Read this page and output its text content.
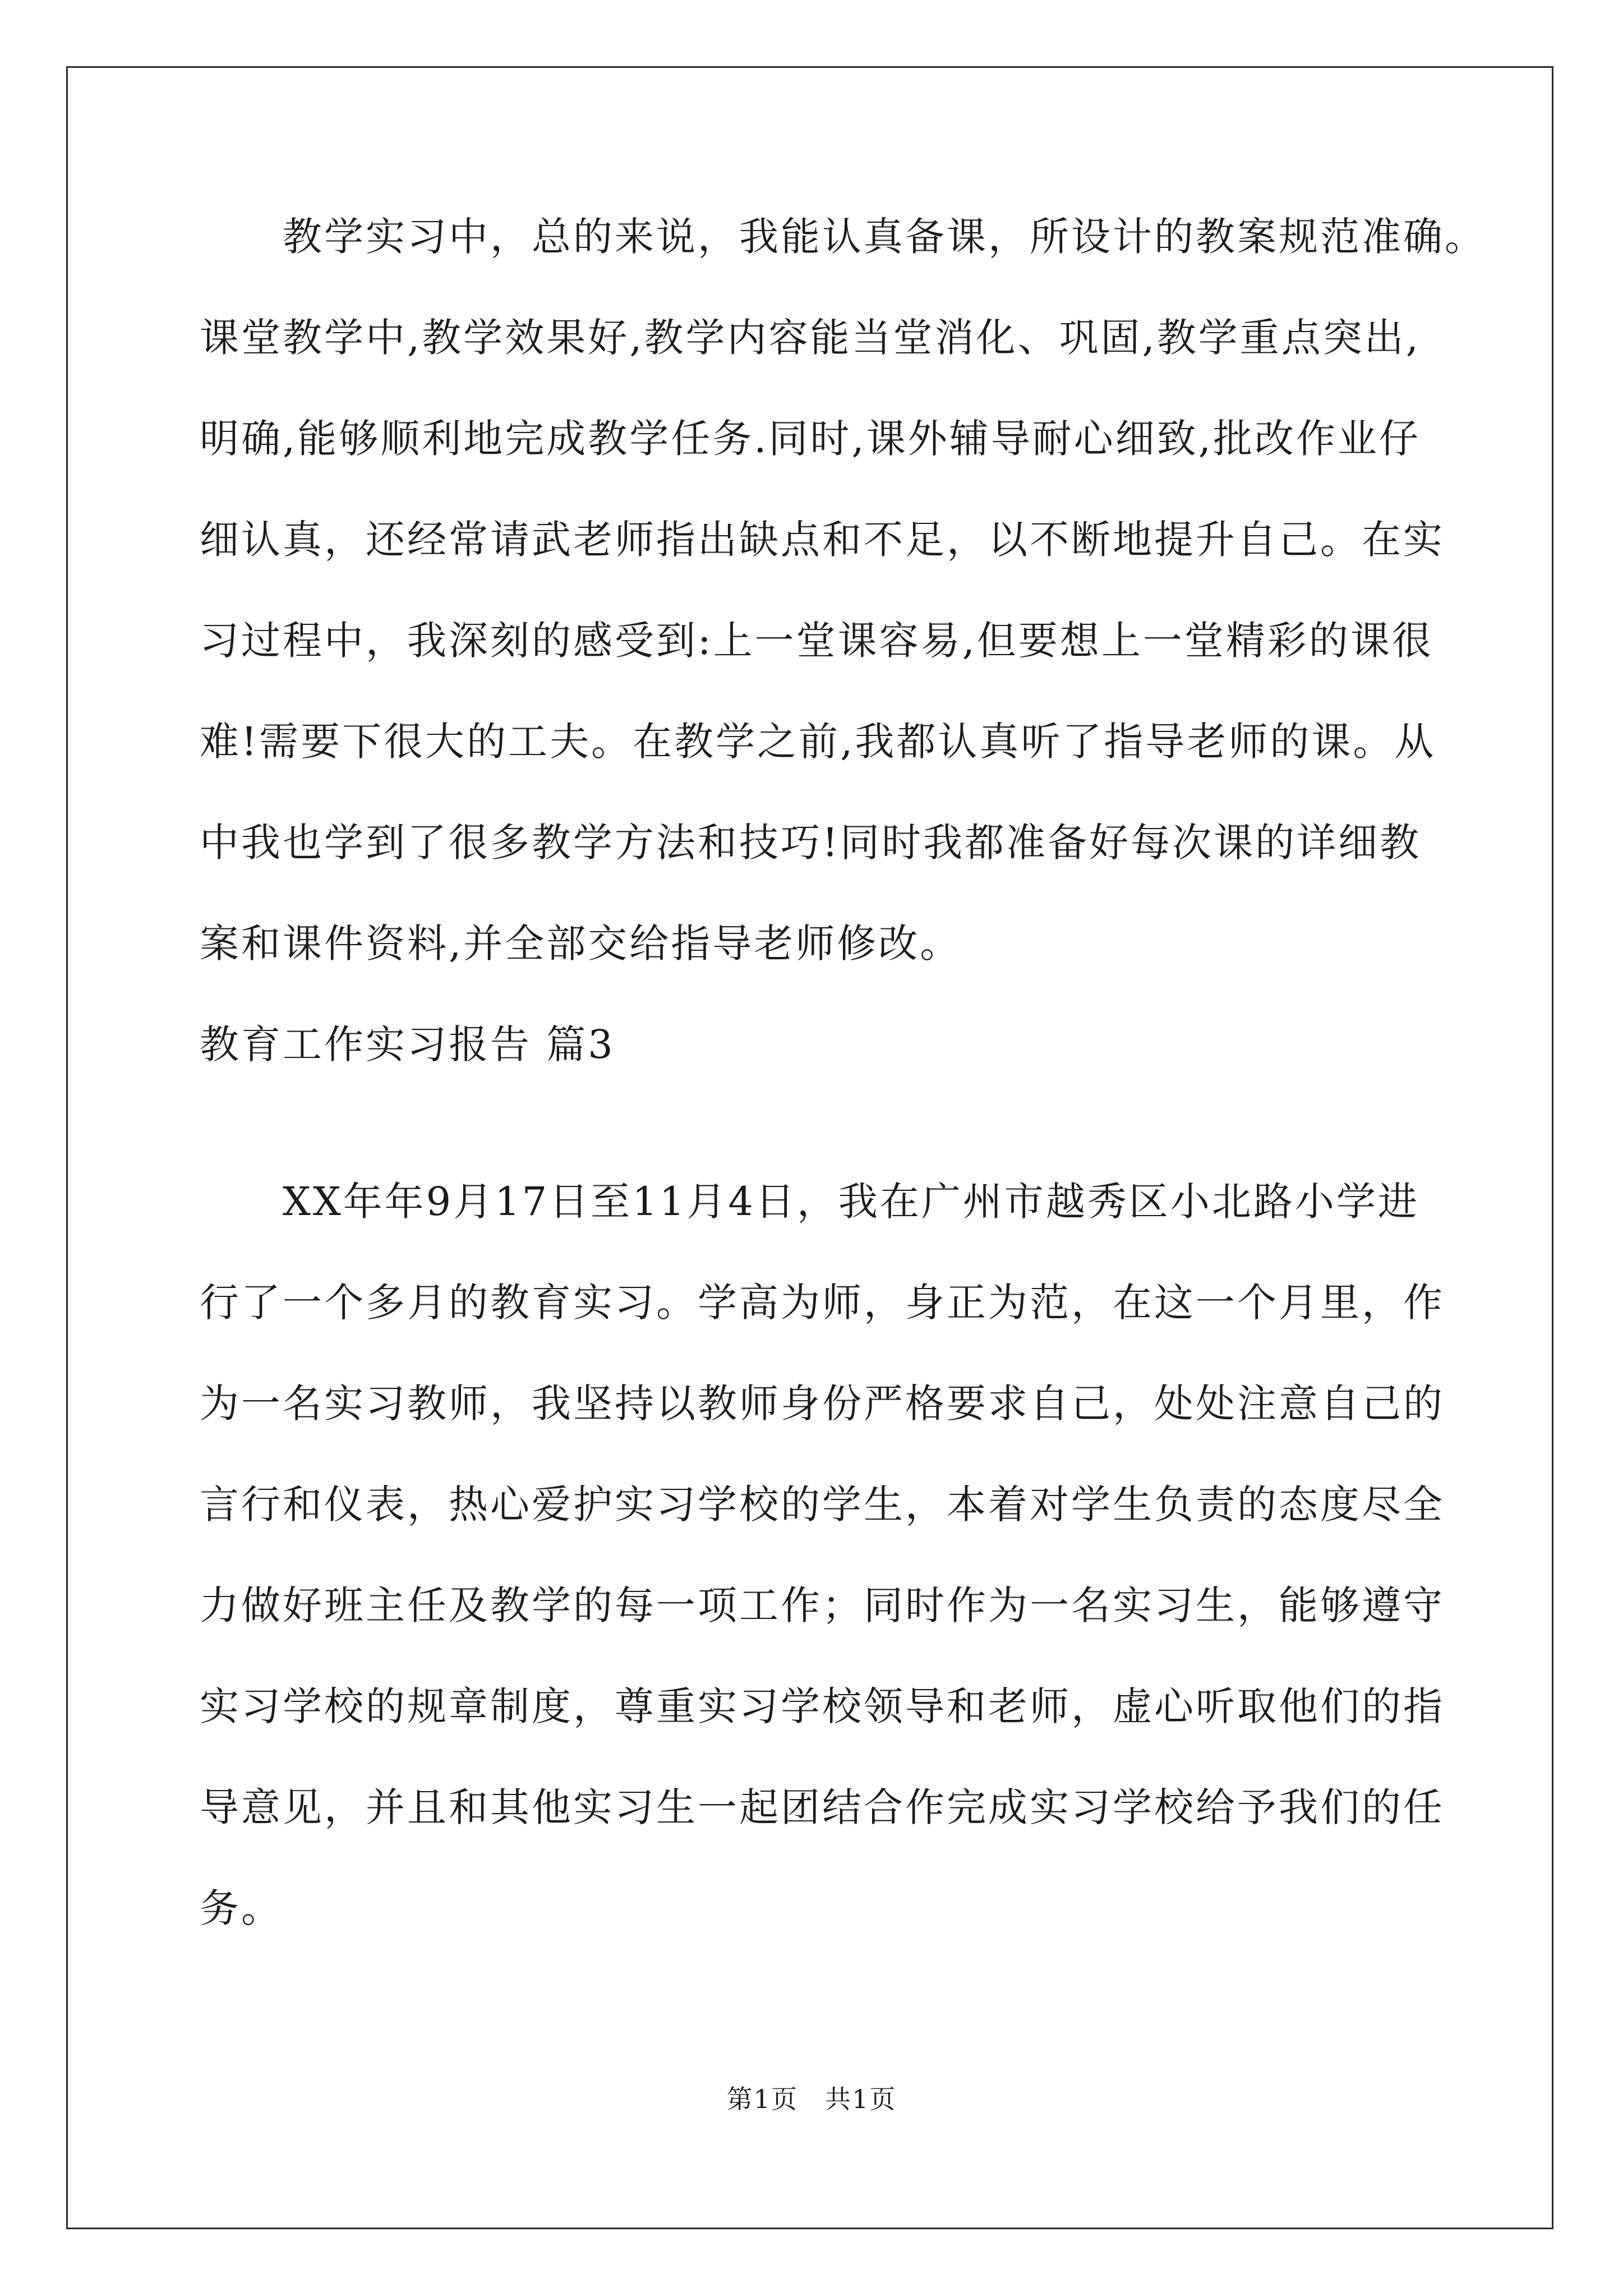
　　教学实习中，总的来说，我能认真备课，所设计的教案规范准确。
课堂教学中,教学效果好,教学内容能当堂消化、巩固,教学重点突出,
明确,能够顺利地完成教学任务.同时,课外辅导耐心细致,批改作业仔
细认真，还经常请武老师指出缺点和不足，以不断地提升自己。在实
习过程中，我深刻的感受到:上一堂课容易,但要想上一堂精彩的课很
难!需要下很大的工夫。在教学之前,我都认真听了指导老师的课。从
中我也学到了很多教学方法和技巧!同时我都准备好每次课的详细教
案和课件资料,并全部交给指导老师修改。
教育工作实习报告 篇3
　　XX年年9月17日至11月4日，我在广州市越秀区小北路小学进
行了一个多月的教育实习。学高为师，身正为范，在这一个月里，作
为一名实习教师，我坚持以教师身份严格要求自己，处处注意自己的
言行和仪表，热心爱护实习学校的学生，本着对学生负责的态度尽全
力做好班主任及教学的每一项工作；同时作为一名实习生，能够遵守
实习学校的规章制度，尊重实习学校领导和老师，虚心听取他们的指
导意见，并且和其他实习生一起团结合作完成实习学校给予我们的任
务。
第1页　共1页
